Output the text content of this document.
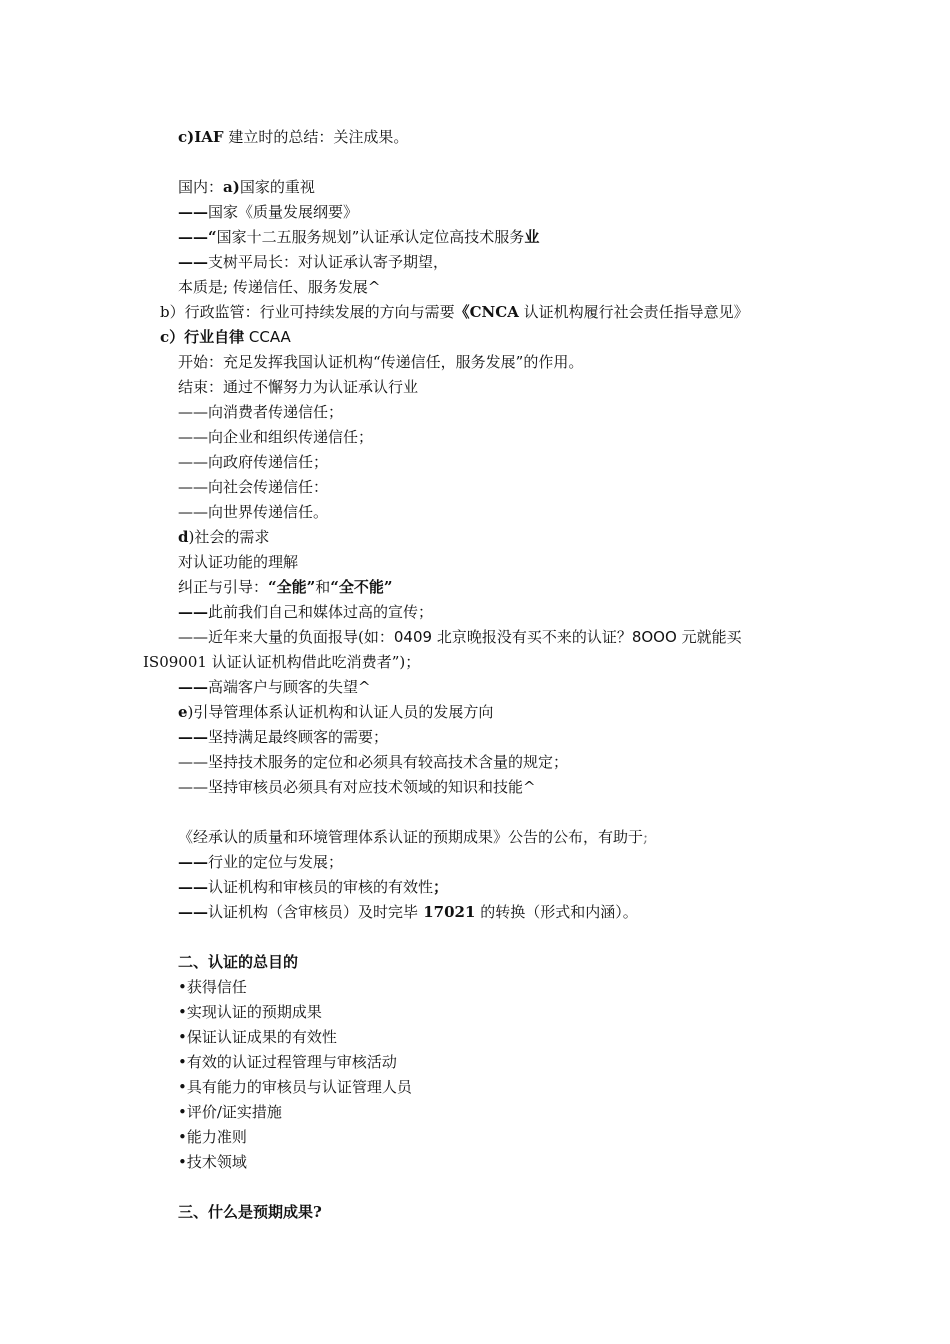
c)IAF 建立时的总结：关注成果。
国内：a)国家的重视
——国家《质量发展纲要》
——“国家十二五服务规划”认证承认定位高技术服务业
——支树平局长：对认证承认寄予期望，
本质是; 传递信任、服务发展^
b）行政监管：行业可持续发展的方向与需要《CNCA 认证机构履行社会责任指导意见》
c）行业自律 CCAA
开始：充足发挥我国认证机构“传递信任，服务发展”的作用。
结束：通过不懈努力为认证承认行业
——向消费者传递信任；
——向企业和组织传递信任；
——向政府传递信任；
——向社会传递信任：
——向世界传递信任。
d)社会的需求
对认证功能的理解
纠正与引导：“全能”和“全不能”
——此前我们自己和媒体过高的宣传；
——近年来大量的负面报导(如：0409 北京晚报没有买不来的认证？8OOO 元就能买
IS09001 认证认证机构借此吃消费者”)；
——高端客户与顾客的失望^
e)引导管理体系认证机构和认证人员的发展方向
——坚持满足最终顾客的需要；
——坚持技术服务的定位和必须具有较高技术含量的规定；
——坚持审核员必须具有对应技术领域的知识和技能^
《经承认的质量和环境管理体系认证的预期成果》公告的公布，有助于;
——行业的定位与发展；
——认证机构和审核员的审核的有效性；
——认证机构（含审核员）及时完毕 17021 的转换（形式和内涵）。
二、认证的总目的
•获得信任
•实现认证的预期成果
•保证认证成果的有效性
•有效的认证过程管理与审核活动
•具有能力的审核员与认证管理人员
•评价/证实措施
•能力准则
•技术领域
三、什么是预期成果?
